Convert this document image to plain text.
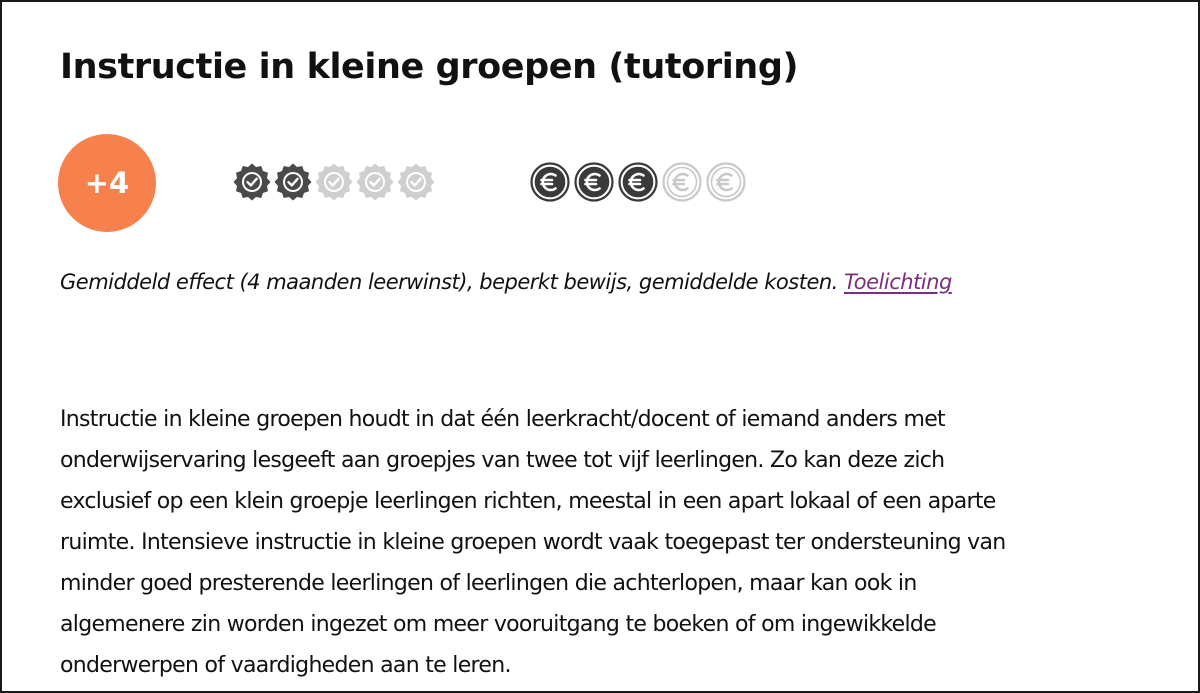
Instructie in kleine groepen (tutoring)
+4
Gemiddeld effect (4 maanden leerwinst), beperkt bewijs, gemiddelde kosten. Toelichting
Instructie in kleine groepen houdt in dat één leerkracht/docent of iemand anders met
onderwijservaring lesgeeft aan groepjes van twee tot vijf leerlingen. Zo kan deze zich
exclusief op een klein groepje leerlingen richten, meestal in een apart lokaal of een aparte
ruimte. Intensieve instructie in kleine groepen wordt vaak toegepast ter ondersteuning van
minder goed presterende leerlingen of leerlingen die achterlopen, maar kan ook in
algemenere zin worden ingezet om meer vooruitgang te boeken of om ingewikkelde
onderwerpen of vaardigheden aan te leren.
